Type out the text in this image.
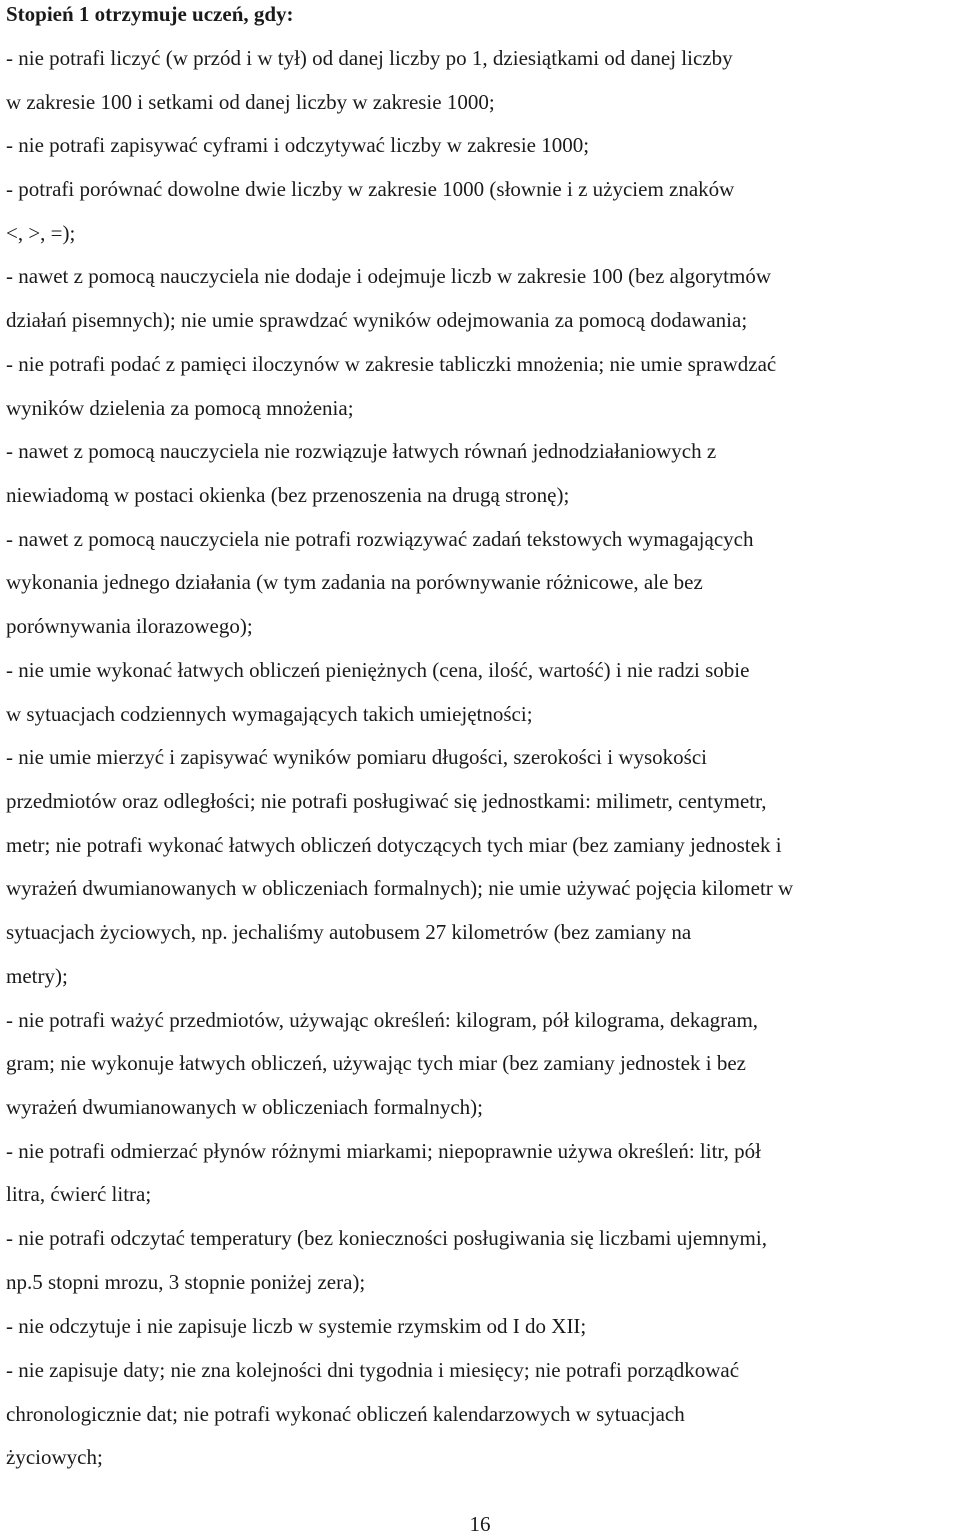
Stopień 1 otrzymuje uczeń, gdy:
- nie potrafi liczyć (w przód i w tył) od danej liczby po 1, dziesiątkami od danej liczby
w zakresie 100 i setkami od danej liczby w zakresie 1000;
- nie potrafi zapisywać cyframi i odczytywać liczby w zakresie 1000;
- potrafi porównać dowolne dwie liczby w zakresie 1000 (słownie i z użyciem znaków
<, >, =);
- nawet z pomocą nauczyciela nie dodaje i odejmuje liczb w zakresie 100 (bez algorytmów
działań pisemnych); nie umie sprawdzać wyników odejmowania za pomocą dodawania;
- nie potrafi podać z pamięci iloczynów w zakresie tabliczki mnożenia; nie umie sprawdzać
wyników dzielenia za pomocą mnożenia;
- nawet z pomocą nauczyciela nie rozwiązuje łatwych równań jednodziałaniowych z
niewiadomą w postaci okienka (bez przenoszenia na drugą stronę);
- nawet z pomocą nauczyciela nie potrafi rozwiązywać zadań tekstowych wymagających
wykonania jednego działania (w tym zadania na porównywanie różnicowe, ale bez
porównywania ilorazowego);
- nie umie wykonać łatwych obliczeń pieniężnych (cena, ilość, wartość) i nie radzi sobie
w sytuacjach codziennych wymagających takich umiejętności;
- nie umie mierzyć i zapisywać wyników pomiaru długości, szerokości i wysokości
przedmiotów oraz odległości; nie potrafi posługiwać się jednostkami: milimetr, centymetr,
metr; nie potrafi wykonać łatwych obliczeń dotyczących tych miar (bez zamiany jednostek i
wyrażeń dwumianowanych w obliczeniach formalnych); nie umie używać pojęcia kilometr w
sytuacjach życiowych, np. jechaliśmy autobusem 27 kilometrów (bez zamiany na
metry);
- nie potrafi ważyć przedmiotów, używając określeń: kilogram, pół kilograma, dekagram,
gram; nie wykonuje łatwych obliczeń, używając tych miar (bez zamiany jednostek i bez
wyrażeń dwumianowanych w obliczeniach formalnych);
- nie potrafi odmierzać płynów różnymi miarkami; niepoprawnie używa określeń: litr, pół
litra, ćwierć litra;
- nie potrafi odczytać temperatury (bez konieczności posługiwania się liczbami ujemnymi,
np.5 stopni mrozu, 3 stopnie poniżej zera);
- nie odczytuje i nie zapisuje liczb w systemie rzymskim od I do XII;
- nie zapisuje daty; nie zna kolejności dni tygodnia i miesięcy; nie potrafi porządkować
chronologicznie dat; nie potrafi wykonać obliczeń kalendarzowych w sytuacjach
życiowych;
16
